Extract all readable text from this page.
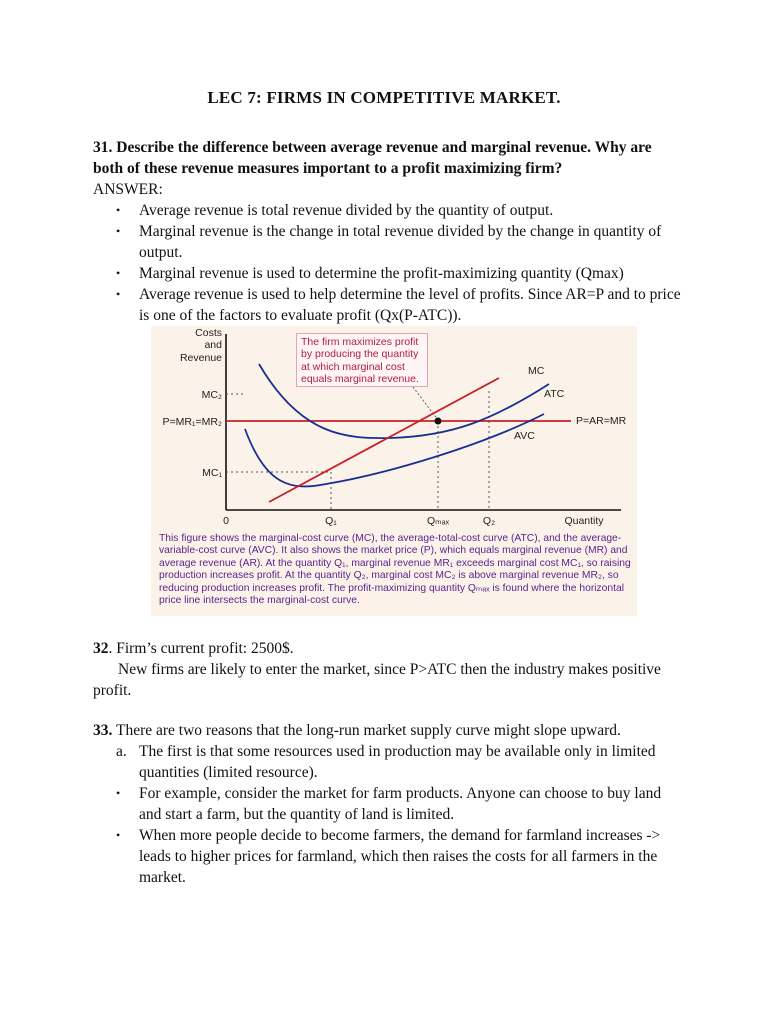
LEC 7: FIRMS IN COMPETITIVE MARKET.
31. Describe the difference between average revenue and marginal revenue. Why are both of these revenue measures important to a profit maximizing firm?
ANSWER:
• Average revenue is total revenue divided by the quantity of output.
• Marginal revenue is the change in total revenue divided by the change in quantity of output.
• Marginal revenue is used to determine the profit-maximizing quantity (Qmax)
• Average revenue is used to help determine the level of profits. Since AR=P and to price is one of the factors to evaluate profit (Qx(P-ATC)).
Costs
and
Revenue
MC₂
P=MR₁=MR₂
MC₁
0	Q₁	Qₘₐₓ	Q₂	Quantity
MC
ATC
AVC
P=AR=MR
The firm maximizes profit by producing the quantity at which marginal cost equals marginal revenue.
This figure shows the marginal-cost curve (MC), the average-total-cost curve (ATC), and the average-variable-cost curve (AVC). It also shows the market price (P), which equals marginal revenue (MR) and average revenue (AR). At the quantity Q₁, marginal revenue MR₁ exceeds marginal cost MC₁, so raising production increases profit. At the quantity Q₂, marginal cost MC₂ is above marginal revenue MR₂, so reducing production increases profit. The profit-maximizing quantity Qₘₐₓ is found where the horizontal price line intersects the marginal-cost curve.
32. Firm’s current profit: 2500$.
New firms are likely to enter the market, since P>ATC then the industry makes positive profit.
33. There are two reasons that the long-run market supply curve might slope upward.
a. The first is that some resources used in production may be available only in limited quantities (limited resource).
• For example, consider the market for farm products. Anyone can choose to buy land and start a farm, but the quantity of land is limited.
• When more people decide to become farmers, the demand for farmland increases -> leads to higher prices for farmland, which then raises the costs for all farmers in the market.
